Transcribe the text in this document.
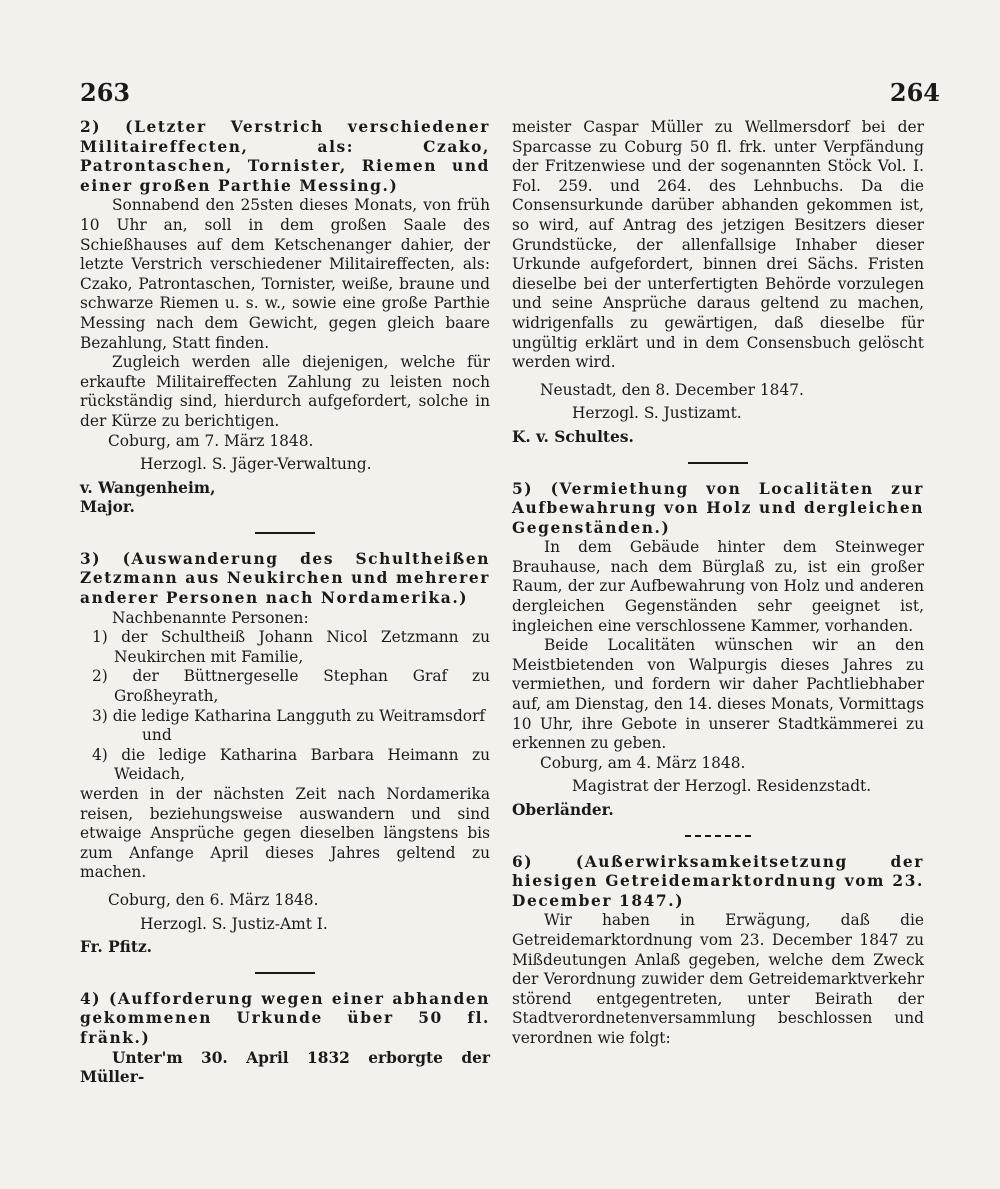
263	264

2) (Letzter Verstrich verschiedener Militaireffecten, als: Czako, Patrontaschen, Tornister, Riemen und einer großen Parthie Messing.)

Sonnabend den 25sten dieses Monats, von früh 10 Uhr an, soll in dem großen Saale des Schießhauses auf dem Ketschenanger dahier, der letzte Verstrich verschiedener Militaireffecten, als: Czako, Patrontaschen, Tornister, weiße, braune und schwarze Riemen u. s. w., sowie eine große Parthie Messing nach dem Gewicht, gegen gleich baare Bezahlung, Statt finden.

Zugleich werden alle diejenigen, welche für erkaufte Militaireffecten Zahlung zu leisten noch rückständig sind, hierdurch aufgefordert, solche in der Kürze zu berichtigen.

Coburg, am 7. März 1848.

Herzogl. S. Jäger-Verwaltung.

v. Wangenheim,

Major.

3) (Auswanderung des Schultheißen Zetzmann aus Neukirchen und mehrerer anderer Personen nach Nordamerika.)

Nachbenannte Personen:

1) der Schultheiß Johann Nicol Zetzmann zu Neukirchen mit Familie,
2) der Büttnergeselle Stephan Graf zu Großheyrath,
3) die ledige Katharina Langguth zu Weitramsdorf

und

4) die ledige Katharina Barbara Heimann zu Weidach,

werden in der nächsten Zeit nach Nordamerika reisen, beziehungsweise auswandern und sind etwaige Ansprüche gegen dieselben längstens bis zum Anfange April dieses Jahres geltend zu machen.

Coburg, den 6. März 1848.

Herzogl. S. Justiz-Amt I.

Fr. Pfitz.

4) (Aufforderung wegen einer abhanden gekommenen Urkunde über 50 fl. fränk.)

Unter'm 30. April 1832 erborgte der Müller-

meister Caspar Müller zu Wellmersdorf bei der Sparcasse zu Coburg 50 fl. frk. unter Verpfändung der Fritzenwiese und der sogenannten Stöck Vol. I. Fol. 259. und 264. des Lehnbuchs. Da die Consensurkunde darüber abhanden gekommen ist, so wird, auf Antrag des jetzigen Besitzers dieser Grundstücke, der allenfallsige Inhaber dieser Urkunde aufgefordert, binnen drei Sächs. Fristen dieselbe bei der unterfertigten Behörde vorzulegen und seine Ansprüche daraus geltend zu machen, widrigenfalls zu gewärtigen, daß dieselbe für ungültig erklärt und in dem Consensbuch gelöscht werden wird.

Neustadt, den 8. December 1847.

Herzogl. S. Justizamt.

K. v. Schultes.

5) (Vermiethung von Localitäten zur Aufbewahrung von Holz und dergleichen Gegenständen.)

In dem Gebäude hinter dem Steinweger Brauhause, nach dem Bürglaß zu, ist ein großer Raum, der zur Aufbewahrung von Holz und anderen dergleichen Gegenständen sehr geeignet ist, ingleichen eine verschlossene Kammer, vorhanden.

Beide Localitäten wünschen wir an den Meistbietenden von Walpurgis dieses Jahres zu vermiethen, und fordern wir daher Pachtliebhaber auf, am Dienstag, den 14. dieses Monats, Vormittags 10 Uhr, ihre Gebote in unserer Stadtkämmerei zu erkennen zu geben.

Coburg, am 4. März 1848.

Magistrat der Herzogl. Residenzstadt.

Oberländer.

6) (Außerwirksamkeitsetzung der hiesigen Getreidemarktordnung vom 23. December 1847.)

Wir haben in Erwägung, daß die Getreidemarktordnung vom 23. December 1847 zu Mißdeutungen Anlaß gegeben, welche dem Zweck der Verordnung zuwider dem Getreidemarktverkehr störend entgegentreten, unter Beirath der Stadtverordnetenversammlung beschlossen und verordnen wie folgt:
